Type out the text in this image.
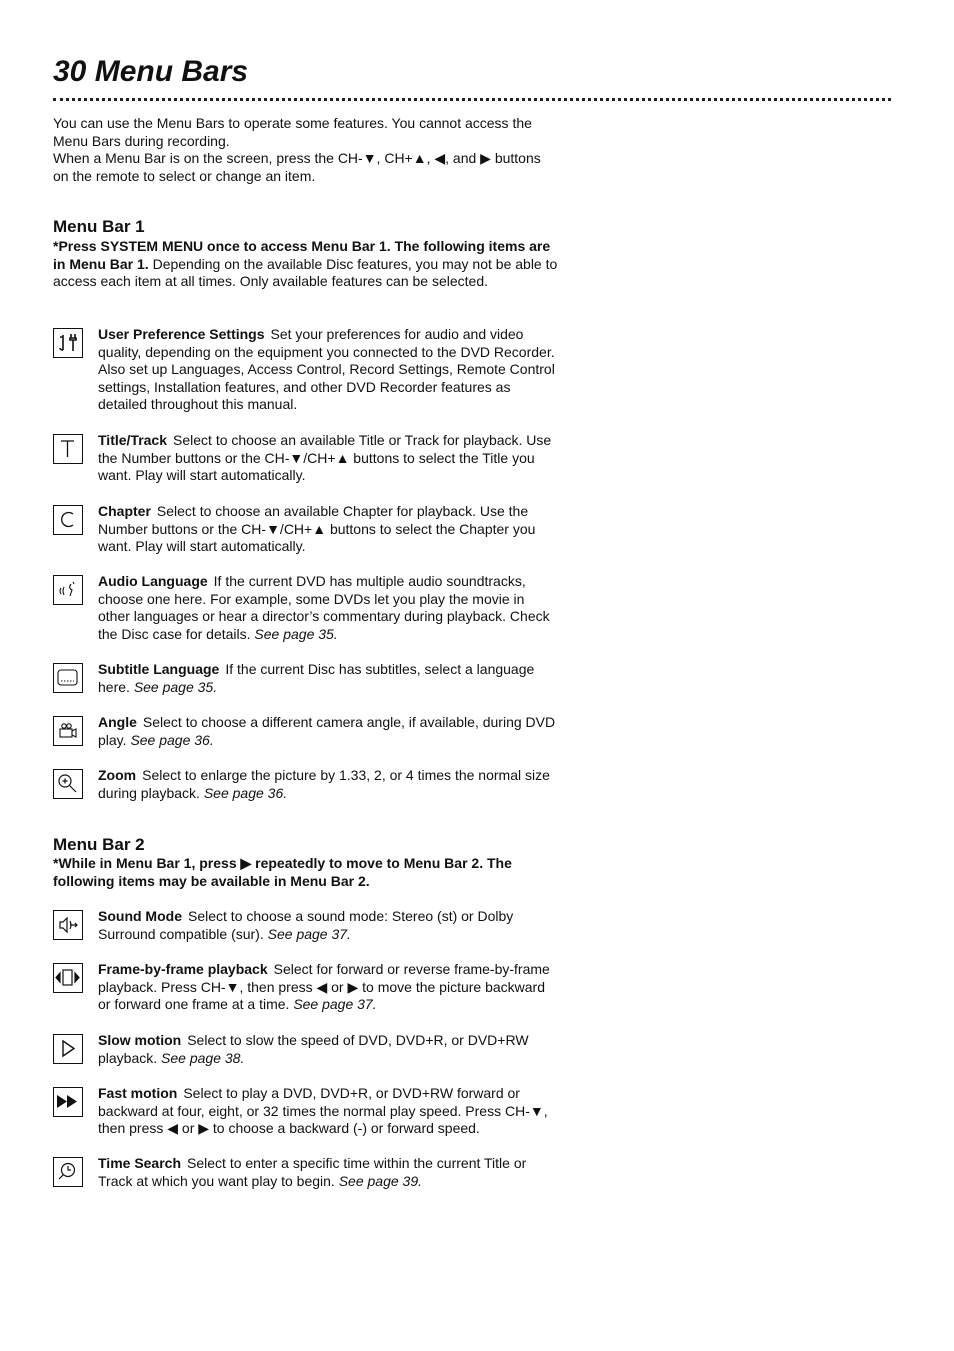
30 Menu Bars

You can use the Menu Bars to operate some features. You cannot access the Menu Bars during recording.

When a Menu Bar is on the screen, press the CH-▼, CH+▲, ◀, and ▶ buttons on the remote to select or change an item.

Menu Bar 1

*Press SYSTEM MENU once to access Menu Bar 1. The following items are in Menu Bar 1. Depending on the available Disc features, you may not be able to access each item at all times. Only available features can be selected.

User Preference Settings Set your preferences for audio and video quality, depending on the equipment you connected to the DVD Recorder. Also set up Languages, Access Control, Record Settings, Remote Control settings, Installation features, and other DVD Recorder features as detailed throughout this manual.

Title/Track Select to choose an available Title or Track for playback. Use the Number buttons or the CH-▼/CH+▲ buttons to select the Title you want. Play will start automatically.

Chapter Select to choose an available Chapter for playback. Use the Number buttons or the CH-▼/CH+▲ buttons to select the Chapter you want. Play will start automatically.

Audio Language If the current DVD has multiple audio soundtracks, choose one here. For example, some DVDs let you play the movie in other languages or hear a director’s commentary during playback. Check the Disc case for details. See page 35.

Subtitle Language If the current Disc has subtitles, select a language here. See page 35.

Angle Select to choose a different camera angle, if available, during DVD play. See page 36.

Zoom Select to enlarge the picture by 1.33, 2, or 4 times the normal size during playback. See page 36.

Menu Bar 2

*While in Menu Bar 1, press ▶ repeatedly to move to Menu Bar 2. The following items may be available in Menu Bar 2.

Sound Mode Select to choose a sound mode: Stereo (st) or Dolby Surround compatible (sur). See page 37.

Frame-by-frame playback Select for forward or reverse frame-by-frame playback. Press CH-▼, then press ◀ or ▶ to move the picture backward or forward one frame at a time. See page 37.

Slow motion Select to slow the speed of DVD, DVD+R, or DVD+RW playback. See page 38.

Fast motion Select to play a DVD, DVD+R, or DVD+RW forward or backward at four, eight, or 32 times the normal play speed. Press CH-▼, then press ◀ or ▶ to choose a backward (-) or forward speed.

Time Search Select to enter a specific time within the current Title or Track at which you want play to begin. See page 39.
